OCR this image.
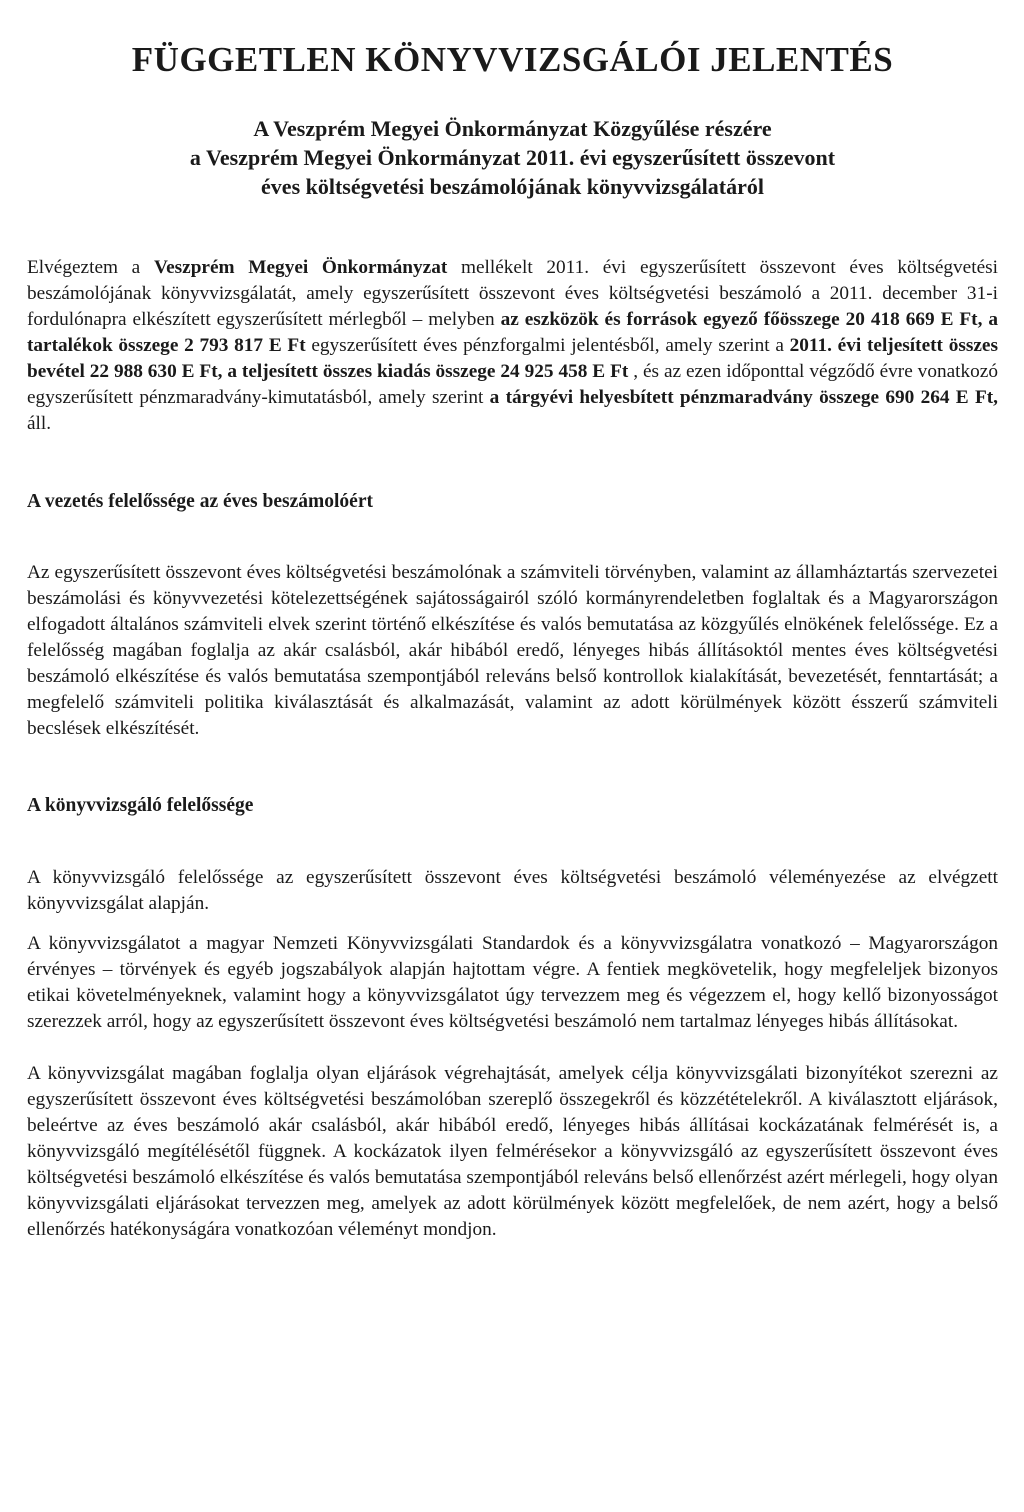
FÜGGETLEN KÖNYVVIZSGÁLÓI JELENTÉS
A Veszprém Megyei Önkormányzat Közgyűlése részére
a Veszprém Megyei Önkormányzat 2011. évi egyszerűsített összevont
éves költségvetési beszámolójának könyvvizsgálatáról

Elvégeztem a Veszprém Megyei Önkormányzat mellékelt 2011. évi egyszerűsített összevont éves költségvetési beszámolójának könyvvizsgálatát, amely egyszerűsített összevont éves költségvetési beszámoló a 2011. december 31-i fordulónapra elkészített egyszerűsített mérlegből – melyben az eszközök és források egyező főösszege 20 418 669 E Ft, a tartalékok összege 2 793 817 E Ft egyszerűsített éves pénzforgalmi jelentésből, amely szerint a 2011. évi teljesített összes bevétel 22 988 630 E Ft, a teljesített összes kiadás összege 24 925 458 E Ft , és az ezen időponttal végződő évre vonatkozó egyszerűsített pénzmaradvány-kimutatásból, amely szerint a tárgyévi helyesbített pénzmaradvány összege 690 264 E Ft, áll.

A vezetés felelőssége az éves beszámolóért

Az egyszerűsített összevont éves költségvetési beszámolónak a számviteli törvényben, valamint az államháztartás szervezetei beszámolási és könyvvezetési kötelezettségének sajátosságairól szóló kormányrendeletben foglaltak és a Magyarországon elfogadott általános számviteli elvek szerint történő elkészítése és valós bemutatása az közgyűlés elnökének felelőssége. Ez a felelősség magában foglalja az akár csalásból, akár hibából eredő, lényeges hibás állításoktól mentes éves költségvetési beszámoló elkészítése és valós bemutatása szempontjából releváns belső kontrollok kialakítását, bevezetését, fenntartását; a megfelelő számviteli politika kiválasztását és alkalmazását, valamint az adott körülmények között ésszerű számviteli becslések elkészítését.

A könyvvizsgáló felelőssége

A könyvvizsgáló felelőssége az egyszerűsített összevont éves költségvetési beszámoló véleményezése az elvégzett könyvvizsgálat alapján.

A könyvvizsgálatot a magyar Nemzeti Könyvvizsgálati Standardok és a könyvvizsgálatra vonatkozó – Magyarországon érvényes – törvények és egyéb jogszabályok alapján hajtottam végre. A fentiek megkövetelik, hogy megfeleljek bizonyos etikai követelményeknek, valamint hogy a könyvvizsgálatot úgy tervezzem meg és végezzem el, hogy kellő bizonyosságot szerezzek arról, hogy az egyszerűsített összevont éves költségvetési beszámoló nem tartalmaz lényeges hibás állításokat.

A könyvvizsgálat magában foglalja olyan eljárások végrehajtását, amelyek célja könyvvizsgálati bizonyítékot szerezni az egyszerűsített összevont éves költségvetési beszámolóban szereplő összegekről és közzétételekről. A kiválasztott eljárások, beleértve az éves beszámoló akár csalásból, akár hibából eredő, lényeges hibás állításai kockázatának felmérését is, a könyvvizsgáló megítélésétől függnek. A kockázatok ilyen felmérésekor a könyvvizsgáló az egyszerűsített összevont éves költségvetési beszámoló elkészítése és valós bemutatása szempontjából releváns belső ellenőrzést azért mérlegeli, hogy olyan könyvvizsgálati eljárásokat tervezzen meg, amelyek az adott körülmények között megfelelőek, de nem azért, hogy a belső ellenőrzés hatékonyságára vonatkozóan véleményt mondjon.
